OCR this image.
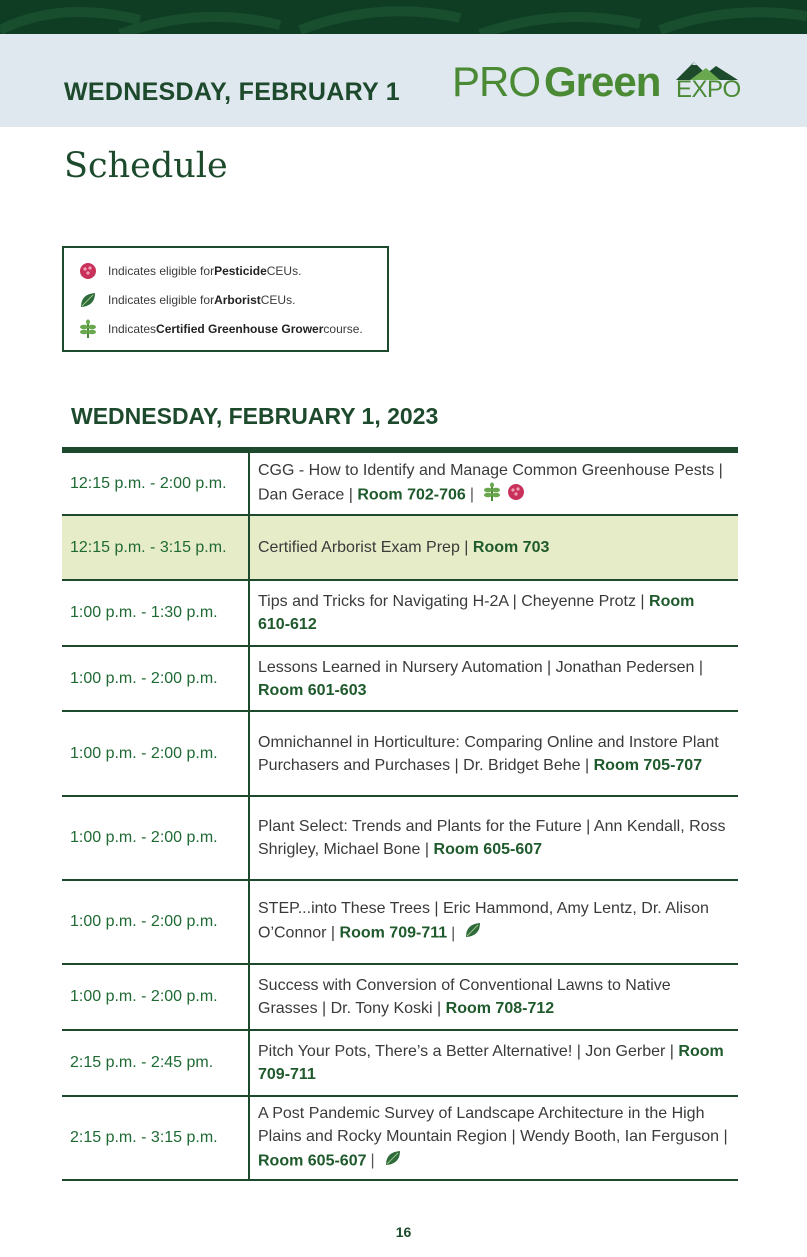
WEDNESDAY, FEBRUARY 1 PRO Green EXPO
Schedule
Indicates eligible for Pesticide CEUs.
Indicates eligible for Arborist CEUs.
Indicates Certified Greenhouse Grower course.
WEDNESDAY, FEBRUARY 1, 2023
12:15 p.m. - 2:00 p.m.
CGG - How to Identify and Manage Common Greenhouse Pests | Dan Gerace | Room 702-706 |
12:15 p.m. - 3:15 p.m.	Certified Arborist Exam Prep | Room 703
1:00 p.m. - 1:30 p.m.
Tips and Tricks for Navigating H-2A | Cheyenne Protz | Room 610-612
1:00 p.m. - 2:00 p.m.
Lessons Learned in Nursery Automation | Jonathan Pedersen | Room 601-603
1:00 p.m. - 2:00 p.m.
Omnichannel in Horticulture: Comparing Online and Instore Plant Purchasers and Purchases | Dr. Bridget Behe | Room 705-707
1:00 p.m. - 2:00 p.m.
Plant Select: Trends and Plants for the Future | Ann Kendall, Ross Shrigley, Michael Bone | Room 605-607
1:00 p.m. - 2:00 p.m.
STEP...into These Trees | Eric Hammond, Amy Lentz, Dr. Alison O’Connor | Room 709-711 |
1:00 p.m. - 2:00 p.m.
Success with Conversion of Conventional Lawns to Native Grasses | Dr. Tony Koski | Room 708-712
2:15 p.m. - 2:45 pm.
Pitch Your Pots, There’s a Better Alternative! | Jon Gerber | Room 709-711
2:15 p.m. - 3:15 p.m.
A Post Pandemic Survey of Landscape Architecture in the High Plains and Rocky Mountain Region | Wendy Booth, Ian Ferguson | Room 605-607 |
16
